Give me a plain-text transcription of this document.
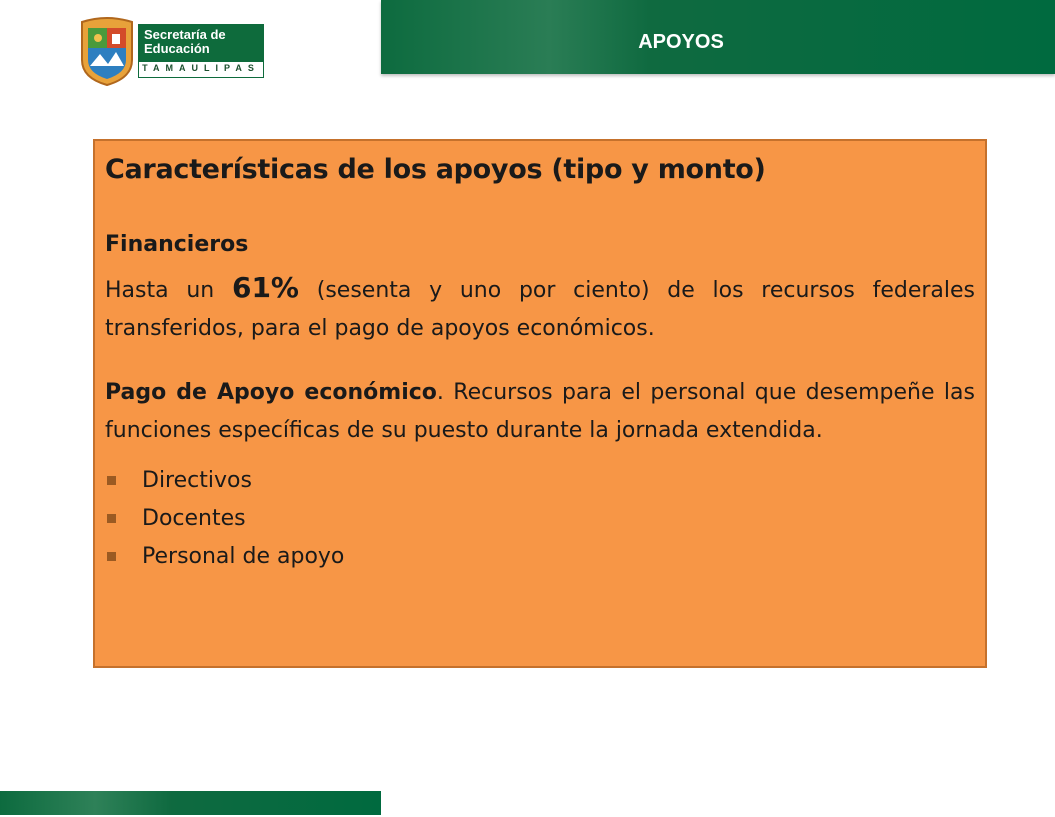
Secretaría de
Educación
TAMAULIPAS
APOYOS
Características de los apoyos (tipo y monto)

Financieros

Hasta un 61% (sesenta y uno por ciento) de los recursos federales transferidos, para el pago de apoyos económicos.

Pago de Apoyo económico. Recursos para el personal que desempeñe las funciones específicas de su puesto durante la jornada extendida.

Directivos
Docentes
Personal de apoyo
